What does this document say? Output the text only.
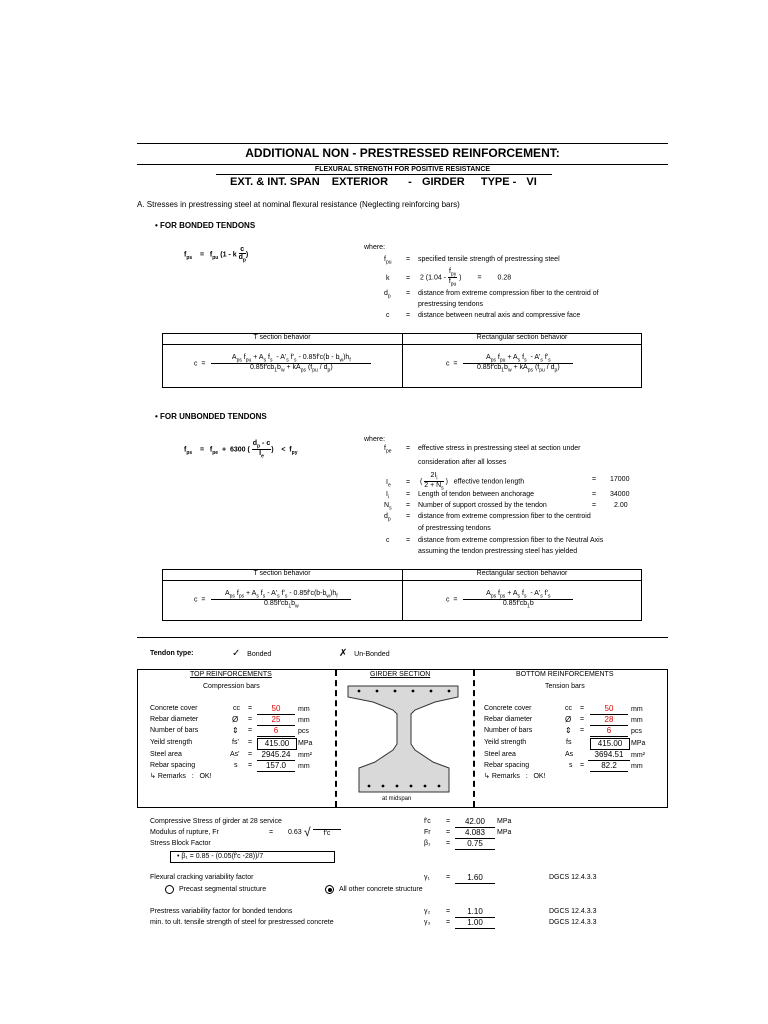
ADDITIONAL NON - PRESTRESSED REINFORCEMENT:
FLEXURAL STRENGTH FOR POSITIVE RESISTANCE
EXT. & INT. SPAN EXTERIOR - GIRDER TYPE - VI
A. Stresses in prestressing steel at nominal flexural resistance (Neglecting reinforcing bars)
• FOR BONDED TENDONS
$f_{ps}$    =   $f_{pu}$ (1 - k $\frac{c}{d_p}$ )
where:
$f_{pu}$ = specified tensile strength of prestressing steel
k = 2 ($1.04 - \frac{f_{py}}{f_{pu}}$ ) = 0.28
$d_p$ = distance from extreme compression fiber to the centroid of
prestressing tendons
c = distance between neutral axis and compressive face
T section behavior	Rectangular section behavior
$c = \frac{A_{ps} f_{pu} + A_s f_s - A'_s f'_s - 0.85f'c(b - b_w)h_f}{0.85f'cb_1b_w + kA_{ps} (f_{pu} / d_p)}$	$c = \frac{A_{ps} f_{pu} + A_s f_s - A'_s f'_s}{0.85f'cb_1b_w + kA_{ps} (f_{pu} / d_p)}$
• FOR UNBONDED TENDONS
$f_{ps}$    =   $f_{pe} + 6300$ ( $\frac{d_p - c}{I_e}$ )    <  $f_{py}$
where:
$f_{pe}$ = effective stress in prestressing steel at section under
consideration after all losses
$I_e$ = ( $\frac{2I_i}{2 + N_s}$ )   effective tendon length	= 17000
$I_i$ = Length of tendon between anchorage	= 34000
$N_s$ = Number of support crossed by the tendon	=	2.00
$d_p$ = distance from extreme compression fiber to the centroid
of prestressing tendons
c = distance from extreme compression fiber to the Neutral Axis
assuming the tendon prestressing steel has yielded
T section behavior	Rectangular section behavior
$c = \frac{A_{ps} f_{ps} + A_s f_s - A'_s f'_s - 0.85f'c(b-b_w)h_f}{0.85f'cb_1b_w}$	$c = \frac{A_{ps} f_{ps} + A_s f_s - A'_s f'_s}{0.85f'cb_1b}$
Tendon type:	✓ Bonded	✗ Un-Bonded
TOP REINFORCEMENTS
Compression bars
GIRDER SECTION	BOTTOM REINFORCEMENTS
Tension bars
Concrete cover	cc =	50	mm
Rebar diameter	Ø =	25	mm
Number of bars	⇕ =	6	pcs
Yeild strength	fs' =	415.00	MPa
Steel area	As' =	2945.24	mm²
Rebar spacing	s =	157.0	mm
↳ Remarks : OK!
at midspan
Concrete cover	cc =	50	mm
Rebar diameter	Ø =	28	mm
Number of bars	⇕ =	6	pcs
Yeild strength	fs	415.00	MPa
Steel area	As	3694.51	mm²
Rebar spacing	s =	82.2	mm
↳ Remarks : OK!
Compressive Stress of girder at 28 service	f'c =	42.00	MPa
Modulus of rupture, Fr	= 0.63 √	f'c	Fr =	4.083	MPa
Stress Block Factor	β₁ =	0.75
• β₁ = 0.85 - (0.05(f'c -28))/7
Flexural cracking variability factor	γ₁ =	1.60	DGCS 12.4.3.3
Precast segmental structure	All other concrete structure
Prestress variability factor for bonded tendons	γ₂ =	1.10	DGCS 12.4.3.3
min. to ult. tensile strength of steel for prestressed concrete	γ₃ =	1.00	DGCS 12.4.3.3
